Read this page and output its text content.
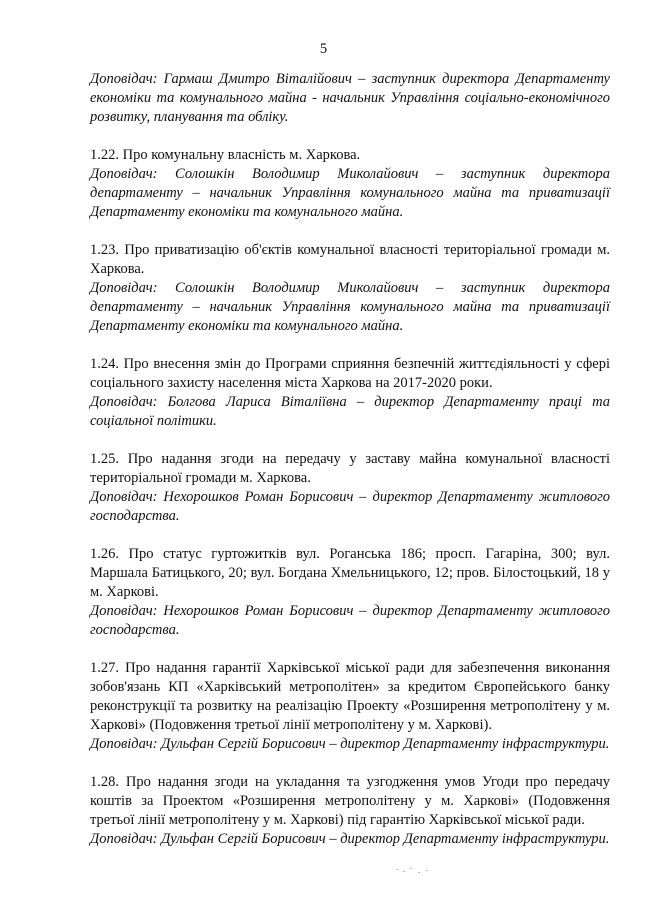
5
Доповідач: Гармаш Дмитро Віталійович – заступник директора Департаменту економіки та комунального майна - начальник Управління соціально-економічного розвитку, планування та обліку.
1.22. Про комунальну власність м. Харкова.
Доповідач: Солошкін Володимир Миколайович – заступник директора департаменту – начальник Управління комунального майна та приватизації Департаменту економіки та комунального майна.
1.23. Про приватизацію об'єктів комунальної власності територіальної громади м. Харкова.
Доповідач: Солошкін Володимир Миколайович – заступник директора департаменту – начальник Управління комунального майна та приватизації Департаменту економіки та комунального майна.
1.24. Про внесення змін до Програми сприяння безпечній життєдіяльності у сфері соціального захисту населення міста Харкова на 2017-2020 роки.
Доповідач: Болгова Лариса Віталіївна – директор Департаменту праці та соціальної політики.
1.25. Про надання згоди на передачу у заставу майна комунальної власності територіальної громади м. Харкова.
Доповідач: Нехорошков Роман Борисович – директор Департаменту житлового господарства.
1.26. Про статус гуртожитків вул. Роганська 186; просп. Гагаріна, 300; вул. Маршала Батицького, 20; вул. Богдана Хмельницького, 12; пров. Білостоцький, 18 у м. Харкові.
Доповідач: Нехорошков Роман Борисович – директор Департаменту житлового господарства.
1.27. Про надання гарантії Харківської міської ради для забезпечення виконання зобов'язань КП «Харківський метрополітен» за кредитом Європейського банку реконструкції та розвитку на реалізацію Проекту «Розширення метрополітену у м. Харкові» (Подовження третьої лінії метрополітену у м. Харкові).
Доповідач: Дульфан Сергій Борисович – директор Департаменту інфраструктури.
1.28. Про надання згоди на укладання та узгодження умов Угоди про передачу коштів за Проектом «Розширення метрополітену у м. Харкові» (Подовження третьої лінії метрополітену у м. Харкові) під гарантію Харківської міської ради.
Доповідач: Дульфан Сергій Борисович – директор Департаменту інфраструктури.
